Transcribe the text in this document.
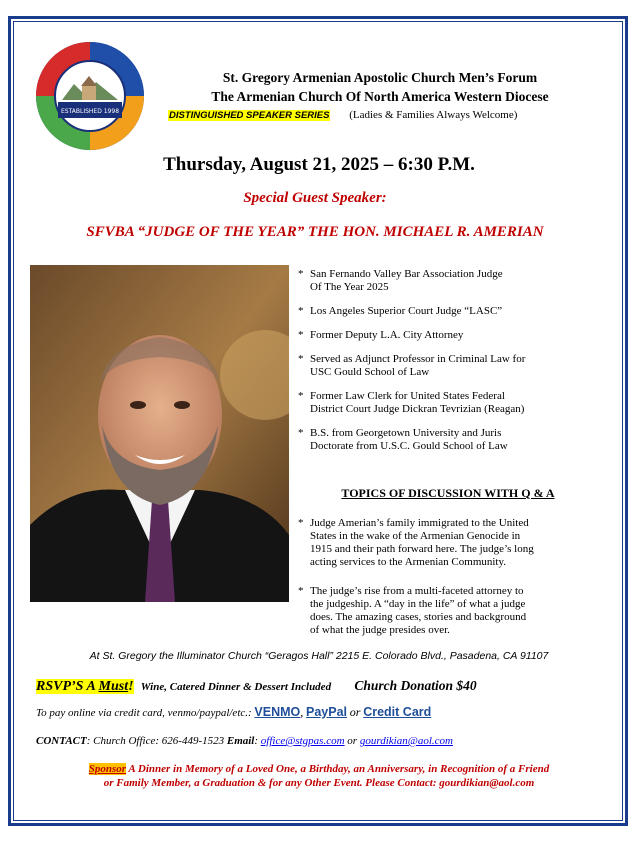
ESTABLISHED 1998
St. Gregory Armenian Apostolic Church Men’s Forum
The Armenian Church Of North America Western Diocese
DISTINGUISHED SPEAKER SERIES (Ladies & Families Always Welcome)
Thursday, August 21, 2025 – 6:30 P.M.
Special Guest Speaker:
SFVBA “JUDGE OF THE YEAR” THE HON. MICHAEL R. AMERIAN
* San Fernando Valley Bar Association Judge
Of The Year 2025
* Los Angeles Superior Court Judge “LASC”
* Former Deputy L.A. City Attorney
* Served as Adjunct Professor in Criminal Law for
USC Gould School of Law
* Former Law Clerk for United States Federal
District Court Judge Dickran Tevrizian (Reagan)
* B.S. from Georgetown University and Juris
Doctorate from U.S.C. Gould School of Law
TOPICS OF DISCUSSION WITH Q & A
* Judge Amerian’s family immigrated to the United
States in the wake of the Armenian Genocide in
1915 and their path forward here. The judge’s long
acting services to the Armenian Community.
* The judge’s rise from a multi-faceted attorney to
the judgeship. A “day in the life” of what a judge
does. The amazing cases, stories and background
of what the judge presides over.
At St. Gregory the Illuminator Church “Geragos Hall” 2215 E. Colorado Blvd., Pasadena, CA 91107
RSVP’S A Must! Wine, Catered Dinner & Dessert Included Church Donation $40
To pay online via credit card, venmo/paypal/etc.: VENMO, PayPal or Credit Card
CONTACT: Church Office: 626-449-1523 Email: office@stgpas.com or gourdikian@aol.com
Sponsor A Dinner in Memory of a Loved One, a Birthday, an Anniversary, in Recognition of a Friend
or Family Member, a Graduation & for any Other Event. Please Contact: gourdikian@aol.com
